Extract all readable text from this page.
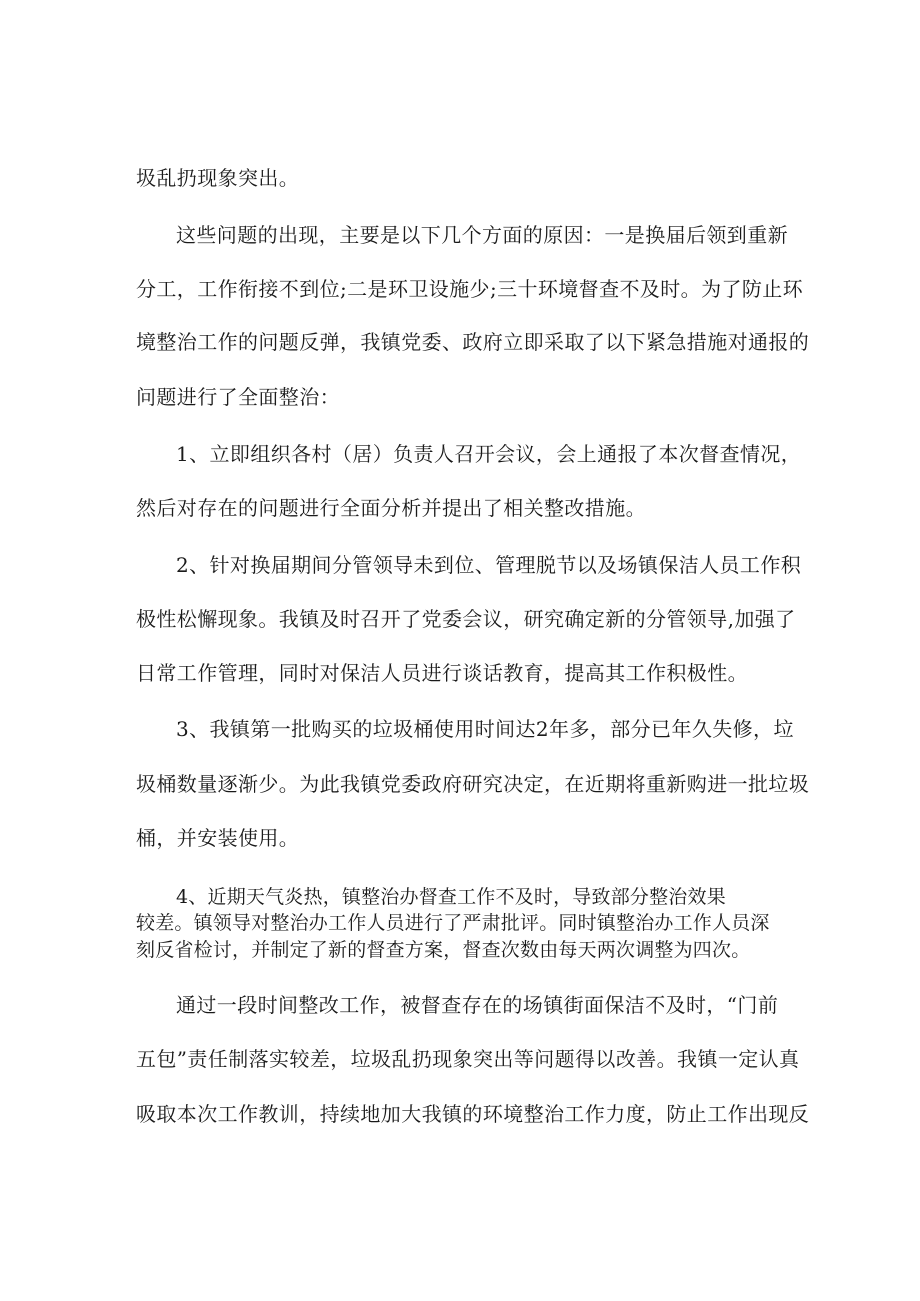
圾乱扔现象突出。
这些问题的出现，主要是以下几个方面的原因：一是换届后领到重新
分工，工作衔接不到位;二是环卫设施少;三十环境督查不及时。为了防止环
境整治工作的问题反弹，我镇党委、政府立即采取了以下紧急措施对通报的
问题进行了全面整治：
1、立即组织各村（居）负责人召开会议，会上通报了本次督查情况，
然后对存在的问题进行全面分析并提出了相关整改措施。
2、针对换届期间分管领导未到位、管理脱节以及场镇保洁人员工作积
极性松懈现象。我镇及时召开了党委会议，研究确定新的分管领导,加强了
日常工作管理，同时对保洁人员进行谈话教育，提高其工作积极性。
3、我镇第一批购买的垃圾桶使用时间达2年多，部分已年久失修，垃
圾桶数量逐渐少。为此我镇党委政府研究决定，在近期将重新购进一批垃圾
桶，并安装使用。
4、近期天气炎热，镇整治办督查工作不及时，导致部分整治效果
较差。镇领导对整治办工作人员进行了严肃批评。同时镇整治办工作人员深
刻反省检讨，并制定了新的督查方案，督查次数由每天两次调整为四次。
通过一段时间整改工作，被督查存在的场镇街面保洁不及时，“门前
五包”责任制落实较差，垃圾乱扔现象突出等问题得以改善。我镇一定认真
吸取本次工作教训，持续地加大我镇的环境整治工作力度，防止工作出现反
